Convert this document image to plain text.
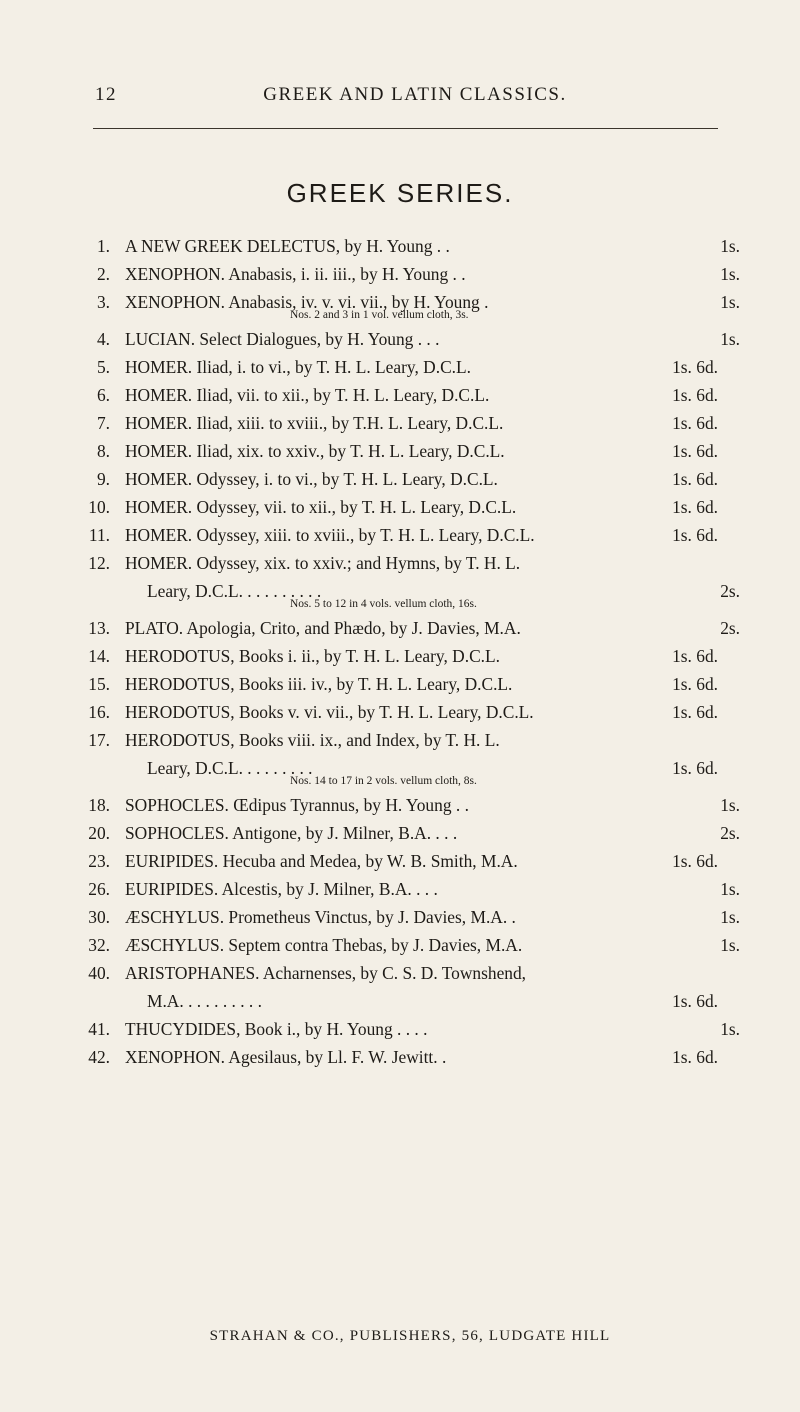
12	GREEK AND LATIN CLASSICS.
GREEK SERIES.
1. A NEW GREEK DELECTUS, by H. Young . .	1s.
2. XENOPHON. Anabasis, i. ii. iii., by H. Young . .	1s.
3. XENOPHON. Anabasis, iv. v. vi. vii., by H. Young .	1s.
Nos. 2 and 3 in 1 vol. vellum cloth, 3s.
4. LUCIAN. Select Dialogues, by H. Young . . .	1s.
5. HOMER. Iliad, i. to vi., by T. H. L. Leary, D.C.L.	1s. 6d.
6. HOMER. Iliad, vii. to xii., by T. H. L. Leary, D.C.L.	1s. 6d.
7. HOMER. Iliad, xiii. to xviii., by T.H. L. Leary, D.C.L.	1s. 6d.
8. HOMER. Iliad, xix. to xxiv., by T. H. L. Leary, D.C.L.	1s. 6d.
9. HOMER. Odyssey, i. to vi., by T. H. L. Leary, D.C.L.	1s. 6d.
10. HOMER. Odyssey, vii. to xii., by T. H. L. Leary, D.C.L.	1s. 6d.
11. HOMER. Odyssey, xiii. to xviii., by T. H. L. Leary, D.C.L.	1s. 6d.
12. HOMER. Odyssey, xix. to xxiv.; and Hymns, by T. H. L.
Leary, D.C.L. . . . . . . . . .	2s.
Nos. 5 to 12 in 4 vols. vellum cloth, 16s.
13. PLATO. Apologia, Crito, and Phædo, by J. Davies, M.A.	2s.
14. HERODOTUS, Books i. ii., by T. H. L. Leary, D.C.L.	1s. 6d.
15. HERODOTUS, Books iii. iv., by T. H. L. Leary, D.C.L.	1s. 6d.
16. HERODOTUS, Books v. vi. vii., by T. H. L. Leary, D.C.L.	1s. 6d.
17. HERODOTUS, Books viii. ix., and Index, by T. H. L.
Leary, D.C.L. . . . . . . . .	1s. 6d.
Nos. 14 to 17 in 2 vols. vellum cloth, 8s.
18. SOPHOCLES. Œdipus Tyrannus, by H. Young . .	1s.
20. SOPHOCLES. Antigone, by J. Milner, B.A. . . .	2s.
23. EURIPIDES. Hecuba and Medea, by W. B. Smith, M.A.	1s. 6d.
26. EURIPIDES. Alcestis, by J. Milner, B.A. . . .	1s.
30. ÆSCHYLUS. Prometheus Vinctus, by J. Davies, M.A. .	1s.
32. ÆSCHYLUS. Septem contra Thebas, by J. Davies, M.A.	1s.
40. ARISTOPHANES. Acharnenses, by C. S. D. Townshend,
M.A. . . . . . . . . .	1s. 6d.
41. THUCYDIDES, Book i., by H. Young . . . .	1s.
42. XENOPHON. Agesilaus, by Ll. F. W. Jewitt. .	1s. 6d.
STRAHAN & CO., PUBLISHERS, 56, LUDGATE HILL
